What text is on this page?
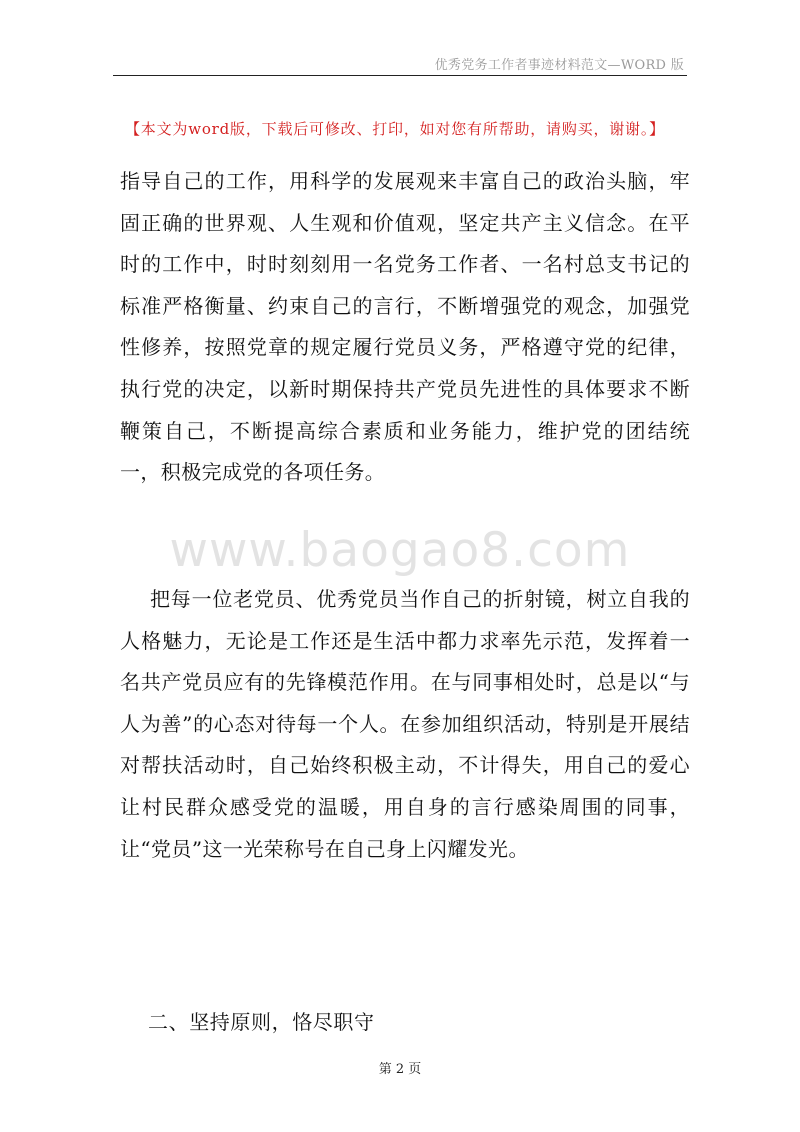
优秀党务工作者事迹材料范文—WORD 版
【本文为word版，下载后可修改、打印，如对您有所帮助，请购买，谢谢。】

指导自己的工作，用科学的发展观来丰富自己的政治头脑，牢固正确的世界观、人生观和价值观，坚定共产主义信念。在平时的工作中，时时刻刻用一名党务工作者、一名村总支书记的标准严格衡量、约束自己的言行，不断增强党的观念，加强党性修养，按照党章的规定履行党员义务，严格遵守党的纪律，执行党的决定，以新时期保持共产党员先进性的具体要求不断鞭策自己，不断提高综合素质和业务能力，维护党的团结统一，积极完成党的各项任务。

www.baogao8.com

把每一位老党员、优秀党员当作自己的折射镜，树立自我的人格魅力，无论是工作还是生活中都力求率先示范，发挥着一名共产党员应有的先锋模范作用。在与同事相处时，总是以“与人为善”的心态对待每一个人。在参加组织活动，特别是开展结对帮扶活动时，自己始终积极主动，不计得失，用自己的爱心让村民群众感受党的温暖，用自身的言行感染周围的同事，让“党员”这一光荣称号在自己身上闪耀发光。

二、坚持原则，恪尽职守
第 2 页
